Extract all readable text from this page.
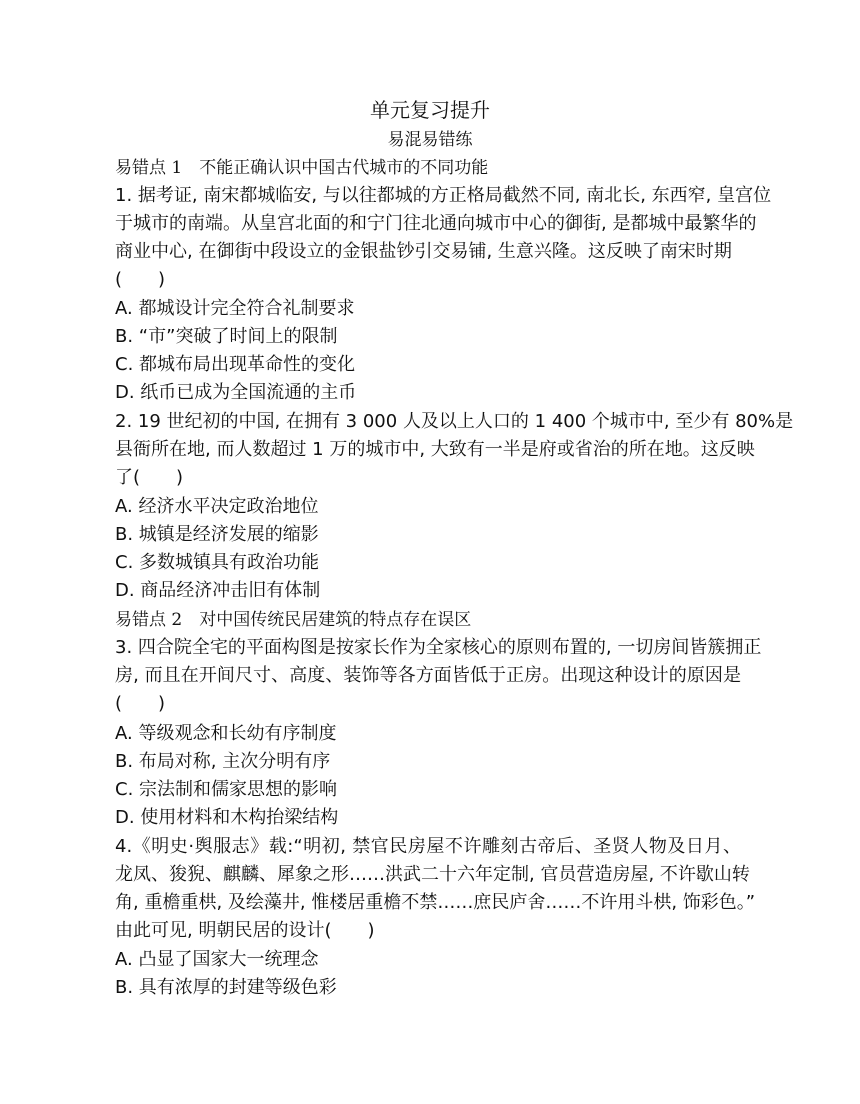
单元复习提升
易混易错练
易错点 1　不能正确认识中国古代城市的不同功能
1. 据考证, 南宋都城临安, 与以往都城的方正格局截然不同, 南北长, 东西窄, 皇宫位
于城市的南端。从皇宫北面的和宁门往北通向城市中心的御街, 是都城中最繁华的
商业中心, 在御街中段设立的金银盐钞引交易铺, 生意兴隆。这反映了南宋时期
(　　)
A. 都城设计完全符合礼制要求
B. “市”突破了时间上的限制
C. 都城布局出现革命性的变化
D. 纸币已成为全国流通的主币
2. 19 世纪初的中国, 在拥有 3 000 人及以上人口的 1 400 个城市中, 至少有 80%是
县衙所在地, 而人数超过 1 万的城市中, 大致有一半是府或省治的所在地。这反映
了(　　)
A. 经济水平决定政治地位
B. 城镇是经济发展的缩影
C. 多数城镇具有政治功能
D. 商品经济冲击旧有体制
易错点 2　对中国传统民居建筑的特点存在误区
3. 四合院全宅的平面构图是按家长作为全家核心的原则布置的, 一切房间皆簇拥正
房, 而且在开间尺寸、高度、装饰等各方面皆低于正房。出现这种设计的原因是
(　　)
A. 等级观念和长幼有序制度
B. 布局对称, 主次分明有序
C. 宗法制和儒家思想的影响
D. 使用材料和木构抬梁结构
4.《明史·舆服志》载:“明初, 禁官民房屋不许雕刻古帝后、圣贤人物及日月、
龙凤、狻猊、麒麟、犀象之形……洪武二十六年定制, 官员营造房屋, 不许歇山转
角, 重檐重栱, 及绘藻井, 惟楼居重檐不禁……庶民庐舍……不许用斗栱, 饰彩色。”
由此可见, 明朝民居的设计(　　)
A. 凸显了国家大一统理念
B. 具有浓厚的封建等级色彩
